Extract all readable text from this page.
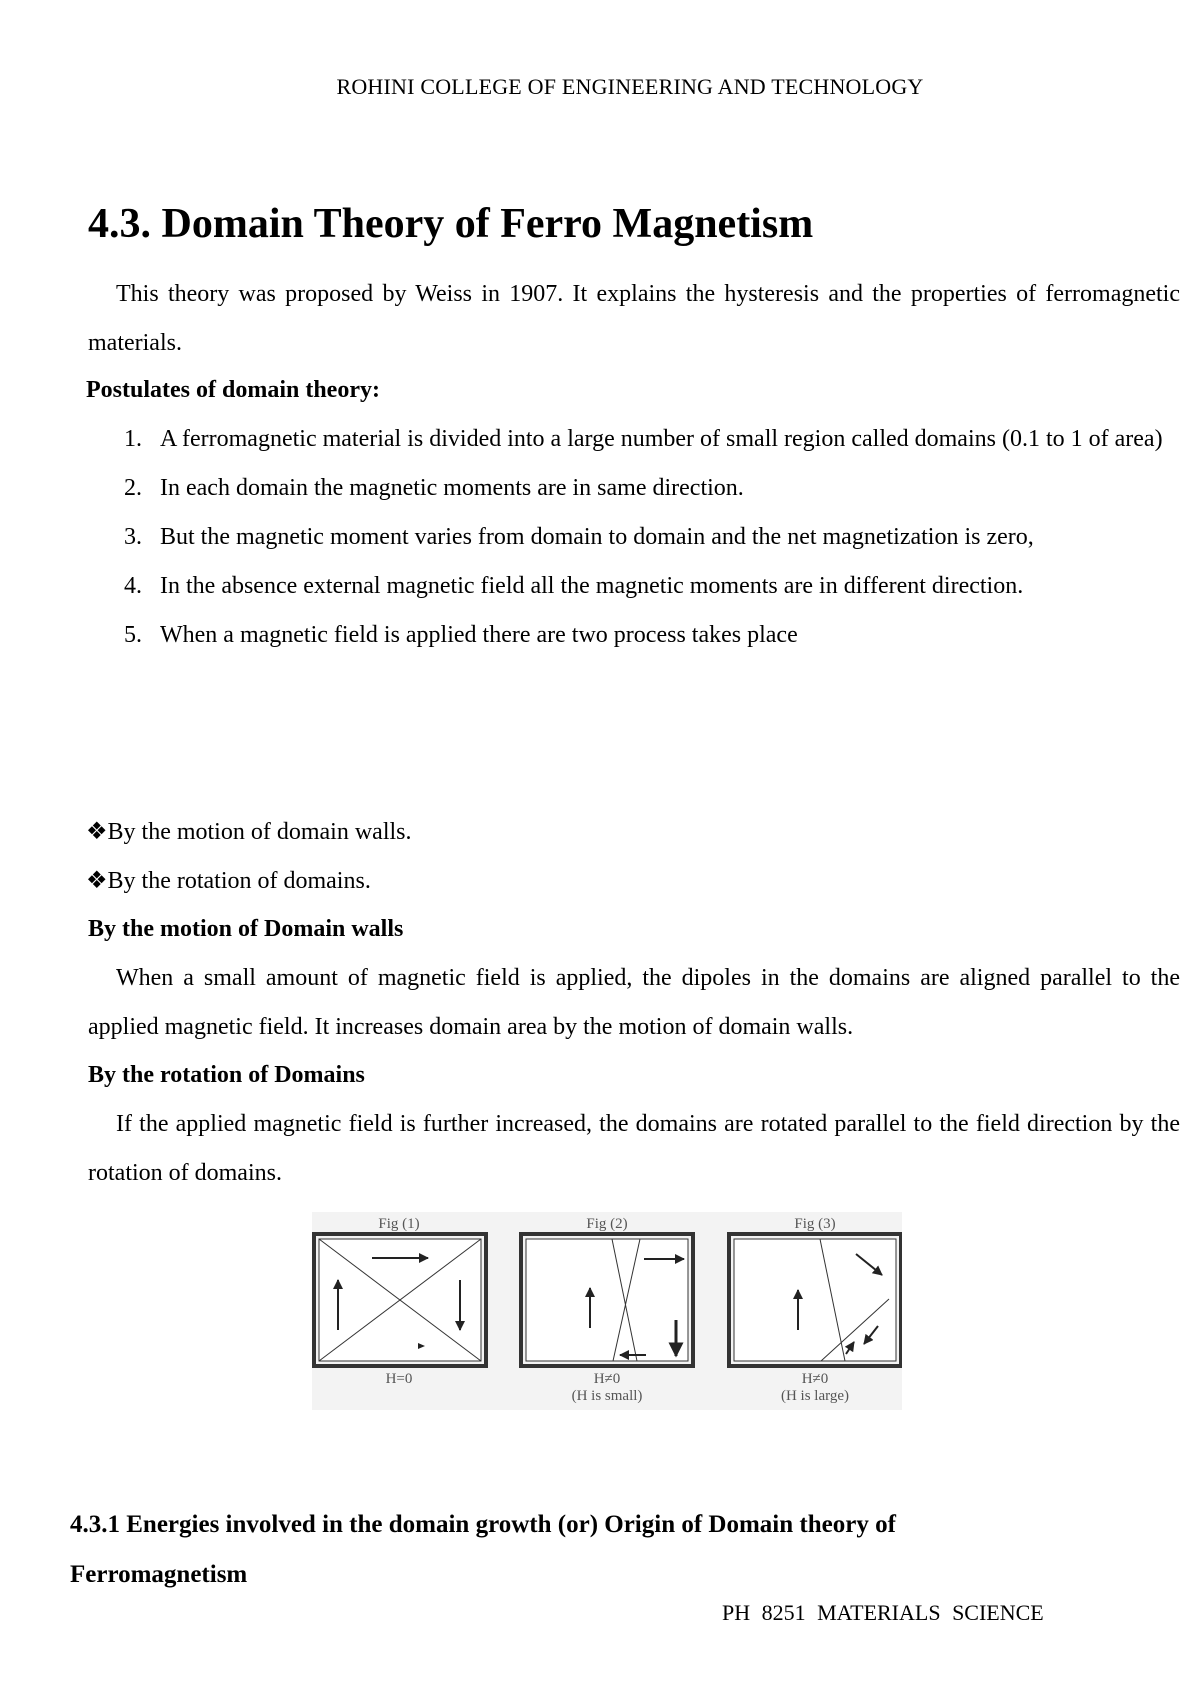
ROHINI COLLEGE OF ENGINEERING AND TECHNOLOGY
4.3. Domain Theory of Ferro Magnetism
This theory was proposed by Weiss in 1907. It explains the hysteresis and the properties of ferromagnetic materials.
Postulates of domain theory:
1. A ferromagnetic material is divided into a large number of small region called domains (0.1 to 1 of area)
2. In each domain the magnetic moments are in same direction.
3. But the magnetic moment varies from domain to domain and the net magnetization is zero,
4. In the absence external magnetic field all the magnetic moments are in different direction.
5. When a magnetic field is applied there are two process takes place
❖By the motion of domain walls.
❖By the rotation of domains.
By the motion of Domain walls
When a small amount of magnetic field is applied, the dipoles in the domains are aligned parallel to the applied magnetic field. It increases domain area by the motion of domain walls.
By the rotation of Domains
If the applied magnetic field is further increased, the domains are rotated parallel to the field direction by the rotation of domains.
Fig (1)	Fig (2)	Fig (3)
H=0	H≠0	H≠0
(H is small)	(H is large)
4.3.1 Energies involved in the domain growth (or) Origin of Domain theory of Ferromagnetism
PH 8251 MATERIALS SCIENCE
